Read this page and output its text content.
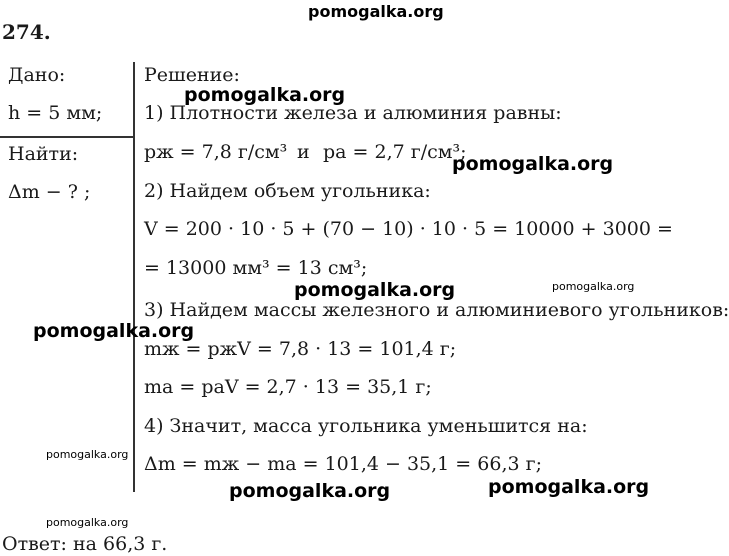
pomogalka.org
274.
Дано:
h = 5 мм;
Найти:
Δm − ? ;
Решение:
1) Плотности железа и алюминия равны:
pж = 7,8 г/см³ и pа = 2,7 г/см³;
2) Найдем объем угольника:
V = 200 · 10 · 5 + (70 − 10) · 10 · 5 = 10000 + 3000 =
= 13000 мм³ = 13 см³;
3) Найдем массы железного и алюминиевого угольников:
mж = pжV = 7,8 · 13 = 101,4 г;
mа = pаV = 2,7 · 13 = 35,1 г;
4) Значит, масса угольника уменьшится на:
Δm = mж − mа = 101,4 − 35,1 = 66,3 г;
Ответ: на 66,3 г.
pomogalka.org
pomogalka.org
pomogalka.org	pomogalka.org
pomogalka.org
pomogalka.org
pomogalka.org	pomogalka.org
pomogalka.org
